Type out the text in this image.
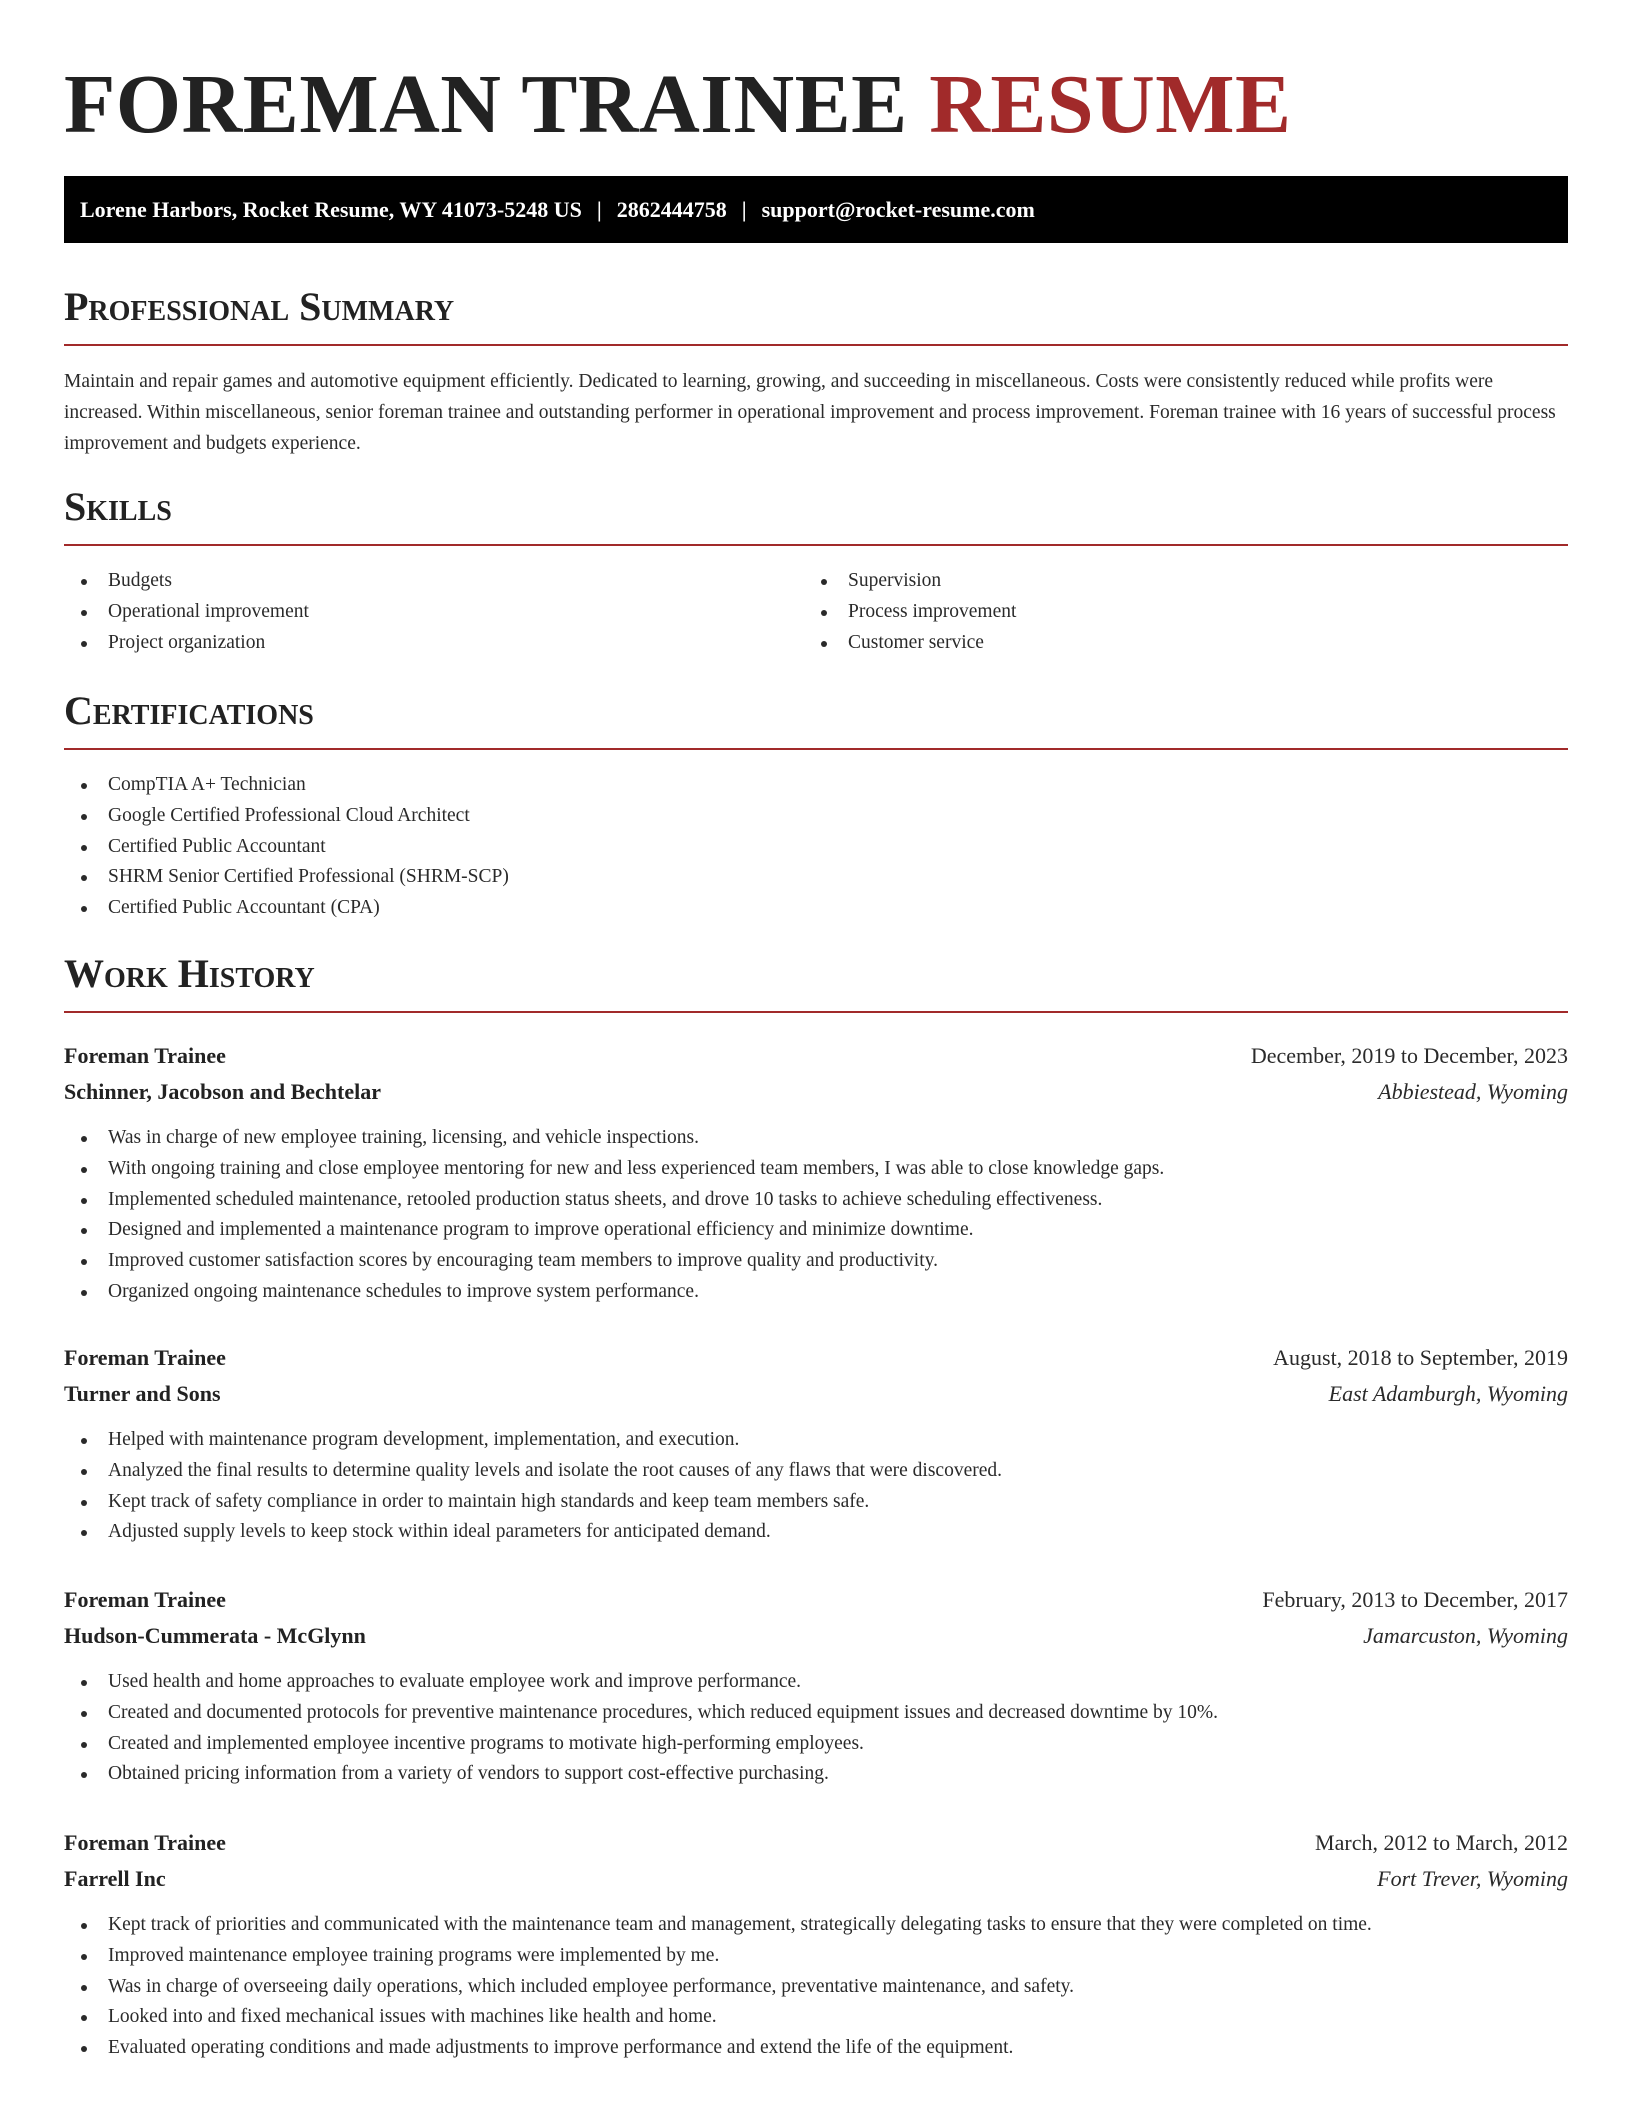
FOREMAN TRAINEE RESUME
Lorene Harbors, Rocket Resume, WY 41073-5248 US | 2862444758 | support@rocket-resume.com
Professional Summary

Maintain and repair games and automotive equipment efficiently. Dedicated to learning, growing, and succeeding in miscellaneous. Costs were consistently reduced while profits were increased. Within miscellaneous, senior foreman trainee and outstanding performer in operational improvement and process improvement. Foreman trainee with 16 years of successful process improvement and budgets experience.

Skills
Budgets
Operational improvement
Project organization
Supervision
Process improvement
Customer service
Certifications
CompTIA A+ Technician
Google Certified Professional Cloud Architect
Certified Public Accountant
SHRM Senior Certified Professional (SHRM-SCP)
Certified Public Accountant (CPA)
Work History
Foreman Trainee	December, 2019 to December, 2023
Schinner, Jacobson and Bechtelar	Abbiestead, Wyoming
Was in charge of new employee training, licensing, and vehicle inspections.
With ongoing training and close employee mentoring for new and less experienced team members, I was able to close knowledge gaps.
Implemented scheduled maintenance, retooled production status sheets, and drove 10 tasks to achieve scheduling effectiveness.
Designed and implemented a maintenance program to improve operational efficiency and minimize downtime.
Improved customer satisfaction scores by encouraging team members to improve quality and productivity.
Organized ongoing maintenance schedules to improve system performance.
Foreman Trainee	August, 2018 to September, 2019
Turner and Sons	East Adamburgh, Wyoming
Helped with maintenance program development, implementation, and execution.
Analyzed the final results to determine quality levels and isolate the root causes of any flaws that were discovered.
Kept track of safety compliance in order to maintain high standards and keep team members safe.
Adjusted supply levels to keep stock within ideal parameters for anticipated demand.
Foreman Trainee	February, 2013 to December, 2017
Hudson-Cummerata - McGlynn	Jamarcuston, Wyoming
Used health and home approaches to evaluate employee work and improve performance.
Created and documented protocols for preventive maintenance procedures, which reduced equipment issues and decreased downtime by 10%.
Created and implemented employee incentive programs to motivate high-performing employees.
Obtained pricing information from a variety of vendors to support cost-effective purchasing.
Foreman Trainee	March, 2012 to March, 2012
Farrell Inc	Fort Trever, Wyoming
Kept track of priorities and communicated with the maintenance team and management, strategically delegating tasks to ensure that they were completed on time.
Improved maintenance employee training programs were implemented by me.
Was in charge of overseeing daily operations, which included employee performance, preventative maintenance, and safety.
Looked into and fixed mechanical issues with machines like health and home.
Evaluated operating conditions and made adjustments to improve performance and extend the life of the equipment.
